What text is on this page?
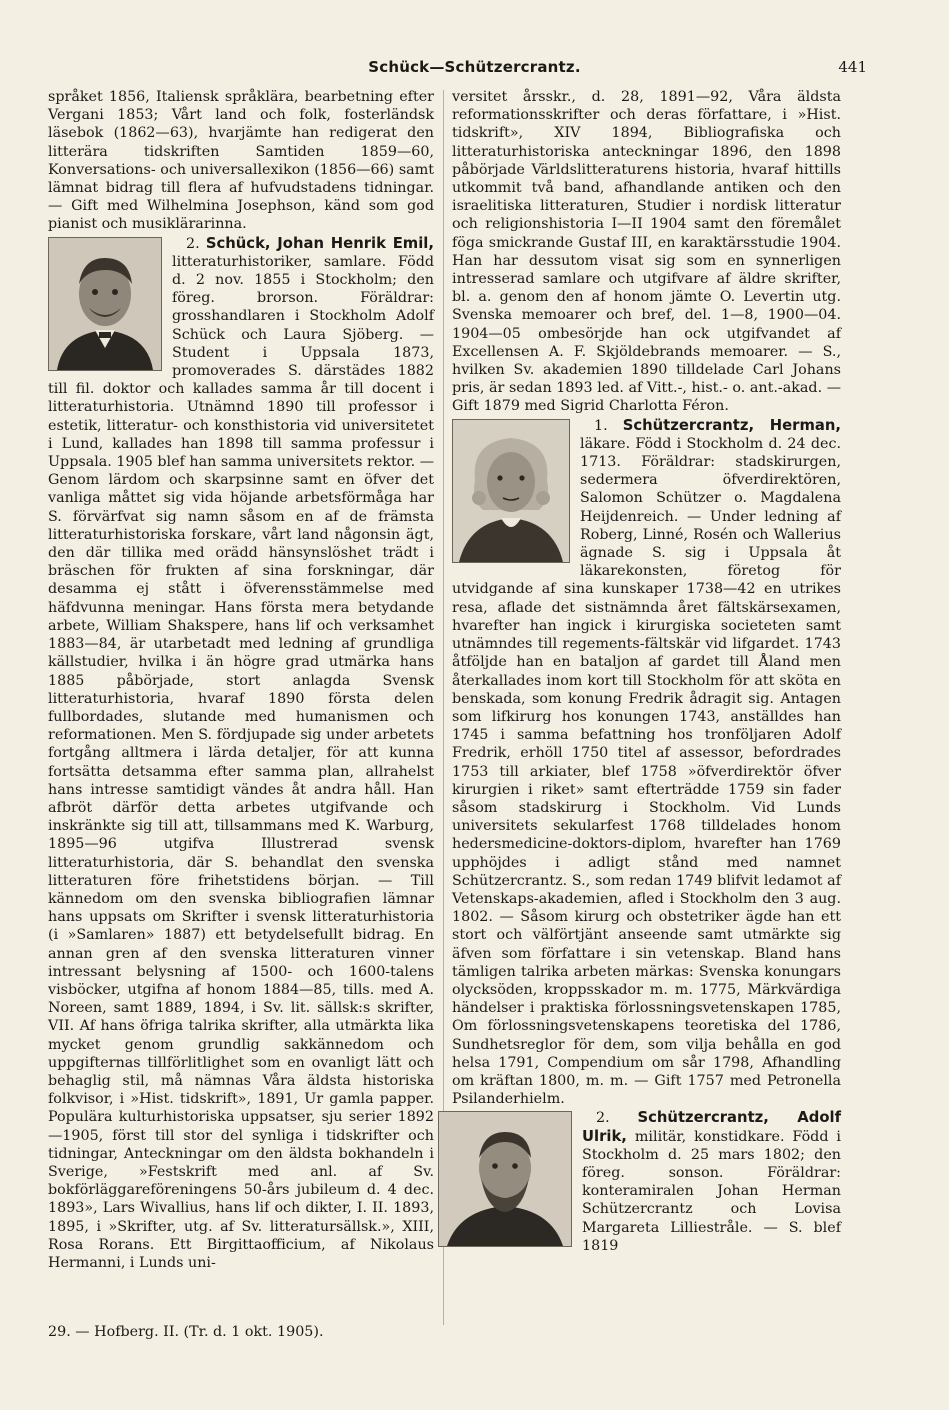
Schück—Schützercrantz.	441

språket 1856, Italiensk språklära, bearbetning efter Vergani 1853; Vårt land och folk, fosterländsk läsebok (1862—63), hvarjämte han redigerat den litterära tidskriften Samtiden 1859—60, Konversations- och universallexikon (1856—66) samt lämnat bidrag till flera af hufvudstadens tidningar. — Gift med Wilhelmina Josephson, känd som god pianist och musiklärarinna.

2. Schück, Johan Henrik Emil,
litteraturhistoriker, samlare. Född d. 2 nov. 1855 i Stockholm; den föreg. brorson. Föräldrar: grosshandlaren i Stockholm Adolf Schück och Laura Sjöberg. — Student i Uppsala 1873, promoverades S. därstädes 1882 till fil. doktor och kallades samma år till docent i litteraturhistoria. Utnämnd 1890 till professor i estetik, litteratur- och konsthistoria vid universitetet i Lund, kallades han 1898 till samma professur i Uppsala. 1905 blef han samma universitets rektor. — Genom lärdom och skarpsinne samt en öfver det vanliga måttet sig vida höjande arbetsförmåga har S. förvärfvat sig namn såsom en af de främsta litteraturhistoriska forskare, vårt land någonsin ägt, den där tillika med orädd hänsynslöshet trädt i bräschen för frukten af sina forskningar, där desamma ej stått i öfverensstämmelse med häfdvunna meningar. Hans första mera betydande arbete, William Shakspere, hans lif och verksamhet 1883—84, är utarbetadt med ledning af grundliga källstudier, hvilka i än högre grad utmärka hans 1885 påbörjade, stort anlagda Svensk litteraturhistoria, hvaraf 1890 första delen fullbordades, slutande med humanismen och reformationen. Men S. fördjupade sig under arbetets fortgång alltmera i lärda detaljer, för att kunna fortsätta detsamma efter samma plan, allrahelst hans intresse samtidigt vändes åt andra håll. Han afbröt därför detta arbetes utgifvande och inskränkte sig till att, tillsammans med K. Warburg, 1895—96 utgifva Illustrerad svensk litteraturhistoria, där S. behandlat den svenska litteraturen före frihetstidens början. — Till kännedom om den svenska bibliografien lämnar hans uppsats om Skrifter i svensk litteraturhistoria (i »Samlaren» 1887) ett betydelsefullt bidrag. En annan gren af den svenska litteraturen vinner intressant belysning af 1500- och 1600-talens visböcker, utgifna af honom 1884—85, tills. med A. Noreen, samt 1889, 1894, i Sv. lit. sällsk:s skrifter, VII. Af hans öfriga talrika skrifter, alla utmärkta lika mycket genom grundlig sakkännedom och uppgifternas tillförlitlighet som en ovanligt lätt och behaglig stil, må nämnas Våra äldsta historiska folkvisor, i »Hist. tidskrift», 1891, Ur gamla papper. Populära kulturhistoriska uppsatser, sju serier 1892—1905, först till stor del synliga i tidskrifter och tidningar, Anteckningar om den äldsta bokhandeln i Sverige, »Festskrift med anl. af Sv. bokförläggareföreningens 50-års jubileum d. 4 dec. 1893», Lars Wivallius, hans lif och dikter, I. II. 1893, 1895, i »Skrifter, utg. af Sv. litteratursällsk.», XIII, Rosa Rorans. Ett Birgittaofficium, af Nikolaus Hermanni, i Lunds uni-

29. — Hofberg. II. (Tr. d. 1 okt. 1905).

versitet årsskr., d. 28, 1891—92, Våra äldsta reformationsskrifter och deras författare, i »Hist. tidskrift», XIV 1894, Bibliografiska och litteraturhistoriska anteckningar 1896, den 1898 påbörjade Världslitteraturens historia, hvaraf hittills utkommit två band, afhandlande antiken och den israelitiska litteraturen, Studier i nordisk litteratur och religionshistoria I—II 1904 samt den föremålet föga smickrande Gustaf III, en karaktärsstudie 1904. Han har dessutom visat sig som en synnerligen intresserad samlare och utgifvare af äldre skrifter, bl. a. genom den af honom jämte O. Levertin utg. Svenska memoarer och bref, del. 1—8, 1900—04. 1904—05 ombesörjde han ock utgifvandet af Excellensen A. F. Skjöldebrands memoarer. — S., hvilken Sv. akademien 1890 tilldelade Carl Johans pris, är sedan 1893 led. af Vitt.-, hist.- o. ant.-akad. — Gift 1879 med Sigrid Charlotta Féron.

1. Schützercrantz, Herman,
läkare. Född i Stockholm d. 24 dec. 1713. Föräldrar: stadskirurgen, sedermera öfverdirektören, Salomon Schützer o. Magdalena Heijdenreich. — Under ledning af Roberg, Linné, Rosén och Wallerius ägnade S. sig i Uppsala åt läkarekonsten, företog för utvidgande af sina kunskaper 1738—42 en utrikes resa, aflade det sistnämnda året fältskärsexamen, hvarefter han ingick i kirurgiska societeten samt utnämndes till regements-fältskär vid lifgardet. 1743 åtföljde han en bataljon af gardet till Åland men återkallades inom kort till Stockholm för att sköta en benskada, som konung Fredrik ådragit sig. Antagen som lifkirurg hos konungen 1743, anställdes han 1745 i samma befattning hos tronföljaren Adolf Fredrik, erhöll 1750 titel af assessor, befordrades 1753 till arkiater, blef 1758 »öfverdirektör öfver kirurgien i riket» samt efterträdde 1759 sin fader såsom stadskirurg i Stockholm. Vid Lunds universitets sekularfest 1768 tilldelades honom hedersmedicine-doktors-diplom, hvarefter han 1769 upphöjdes i adligt stånd med namnet Schützercrantz. S., som redan 1749 blifvit ledamot af Vetenskaps-akademien, afled i Stockholm den 3 aug. 1802. — Såsom kirurg och obstetriker ägde han ett stort och välförtjänt anseende samt utmärkte sig äfven som författare i sin vetenskap. Bland hans tämligen talrika arbeten märkas: Svenska konungars olycksöden, kroppsskador m. m. 1775, Märkvärdiga händelser i praktiska förlossningsvetenskapen 1785, Om förlossningsvetenskapens teoretiska del 1786, Sundhetsreglor för dem, som vilja behålla en god helsa 1791, Compendium om sår 1798, Afhandling om kräftan 1800, m. m. — Gift 1757 med Petronella Psilanderhielm.

2. Schützercrantz, Adolf Ulrik, militär, konstidkare. Född i Stockholm d. 25 mars 1802; den föreg. sonson. Föräldrar: konteramiralen Johan Herman Schützercrantz och Lovisa Margareta Lilliestråle. — S. blef 1819
